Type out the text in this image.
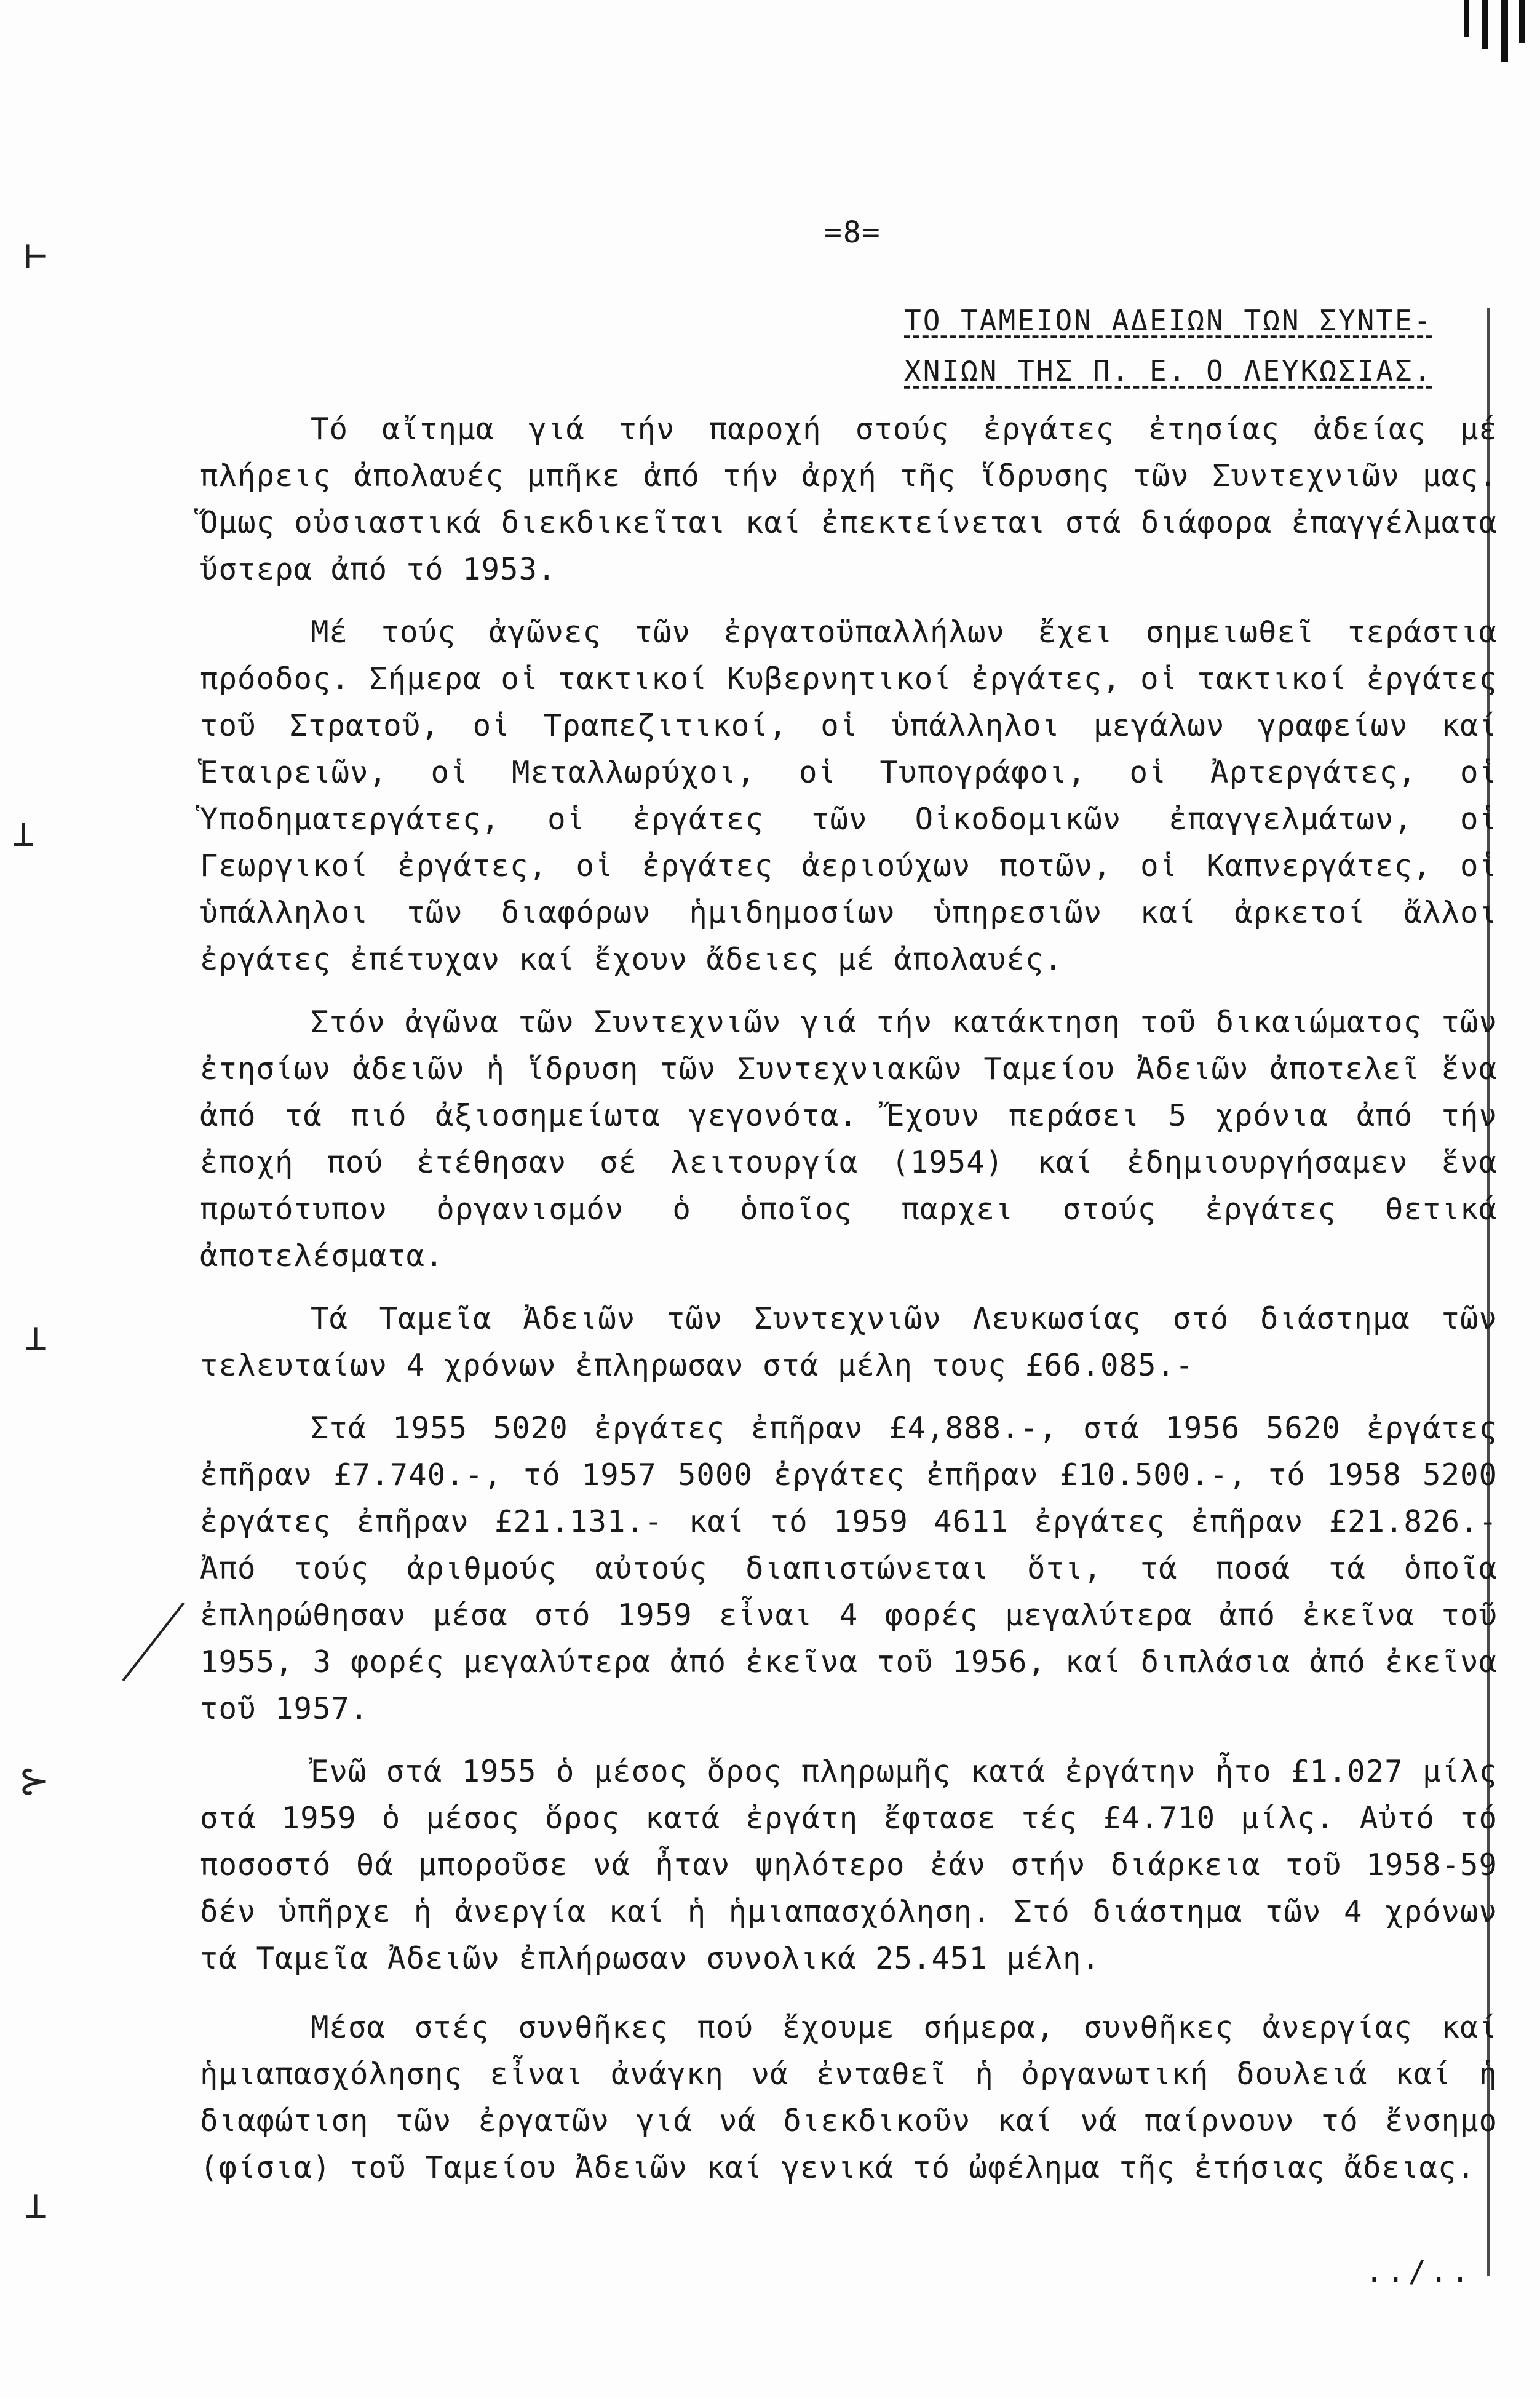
⊢
⊥
⊥
⊱
⊥
=8=
ΤΟ ΤΑΜΕΙΟΝ ΑΔΕΙΩΝ ΤΩΝ ΣΥΝΤΕ-
ΧΝΙΩΝ ΤΗΣ Π. Ε. Ο ΛΕΥΚΩΣΙΑΣ.

Τό αἴτημα γιά τήν παροχή στούς ἐργάτες ἐτησίας ἀδείας μέ πλήρεις ἀπολαυές μπῆκε ἀπό τήν ἀρχή τῆς ἵδρυσης τῶν Συντεχνιῶν μας. Ὅμως οὐσιαστικά διεκδικεῖται καί ἐπεκτείνεται στά διάφορα ἐπαγγέλματα ὕστερα ἀπό τό 1953.

Μέ τούς ἀγῶνες τῶν ἐργατοϋπαλλήλων ἔχει σημειωθεῖ τεράστια πρόοδος. Σήμερα οἱ τακτικοί Κυβερνητικοί ἐργάτες, οἱ τακτικοί ἐργάτες τοῦ Στρατοῦ, οἱ Τραπεζιτικοί, οἱ ὑπάλληλοι μεγάλων γραφείων καί Ἑταιρειῶν, οἱ Μεταλλωρύχοι, οἱ Τυπογράφοι, οἱ Ἀρτεργάτες, οἱ Ὑποδηματεργάτες, οἱ ἐργάτες τῶν Οἰκοδομικῶν ἐπαγγελμάτων, οἱ Γεωργικοί ἐργάτες, οἱ ἐργάτες ἀεριούχων ποτῶν, οἱ Καπνεργάτες, οἱ ὑπάλληλοι τῶν διαφόρων ἡμιδημοσίων ὑπηρεσιῶν καί ἀρκετοί ἄλλοι ἐργάτες ἐπέτυχαν καί ἔχουν ἄδειες μέ ἀπολαυές.

Στόν ἀγῶνα τῶν Συντεχνιῶν γιά τήν κατάκτηση τοῦ δικαιώματος τῶν ἐτησίων ἀδειῶν ἡ ἵδρυση τῶν Συντεχνιακῶν Ταμείου Ἀδειῶν ἀποτελεῖ ἕνα ἀπό τά πιό ἀξιοσημείωτα γεγονότα. Ἔχουν περάσει 5 χρόνια ἀπό τήν ἐποχή πού ἐτέθησαν σέ λειτουργία (1954) καί ἐδημιουργήσαμεν ἕνα πρωτότυπον ὀργανισμόν ὁ ὁποῖος παρχει στούς ἐργάτες θετικά ἀποτελέσματα.

Τά Ταμεῖα Ἀδειῶν τῶν Συντεχνιῶν Λευκωσίας στό διάστημα τῶν τελευταίων 4 χρόνων ἐπληρωσαν στά μέλη τους £66.085.-

Στά 1955 5020 ἐργάτες ἐπῆραν £4,888.-, στά 1956 5620 ἐργάτες ἐπῆραν £7.740.-, τό 1957 5000 ἐργάτες ἐπῆραν £10.500.-, τό 1958 5200 ἐργάτες ἐπῆραν £21.131.- καί τό 1959 4611 ἐργάτες ἐπῆραν £21.826.- Ἀπό τούς ἀριθμούς αὐτούς διαπιστώνεται ὅτι, τά ποσά τά ὁποῖα ἐπληρώθησαν μέσα στό 1959 εἶναι 4 φορές μεγαλύτερα ἀπό ἐκεῖνα τοῦ 1955, 3 φορές μεγαλύτερα ἀπό ἐκεῖνα τοῦ 1956, καί διπλάσια ἀπό ἐκεῖνα τοῦ 1957.

Ἐνῶ στά 1955 ὁ μέσος ὅρος πληρωμῆς κατά ἐργάτην ἦτο £1.027 μίλς στά 1959 ὁ μέσος ὅρος κατά ἐργάτη ἔφτασε τές £4.710 μίλς. Αὐτό τό ποσοστό θά μποροῦσε νά ἦταν ψηλότερο ἐάν στήν διάρκεια τοῦ 1958-59 δέν ὑπῆρχε ἡ ἀνεργία καί ἡ ἡμιαπασχόληση. Στό διάστημα τῶν 4 χρόνων τά Ταμεῖα Ἀδειῶν ἐπλήρωσαν συνολικά 25.451 μέλη.

Μέσα στές συνθῆκες πού ἔχουμε σήμερα, συνθῆκες ἀνεργίας καί ἡμιαπασχόλησης εἶναι ἀνάγκη νά ἐνταθεῖ ἡ ὀργανωτική δουλειά καί ἡ διαφώτιση τῶν ἐργατῶν γιά νά διεκδικοῦν καί νά παίρνουν τό ἔνσημο (φίσια) τοῦ Ταμείου Ἀδειῶν καί γενικά τό ὠφέλημα τῆς ἐτήσιας ἄδειας.

../..
